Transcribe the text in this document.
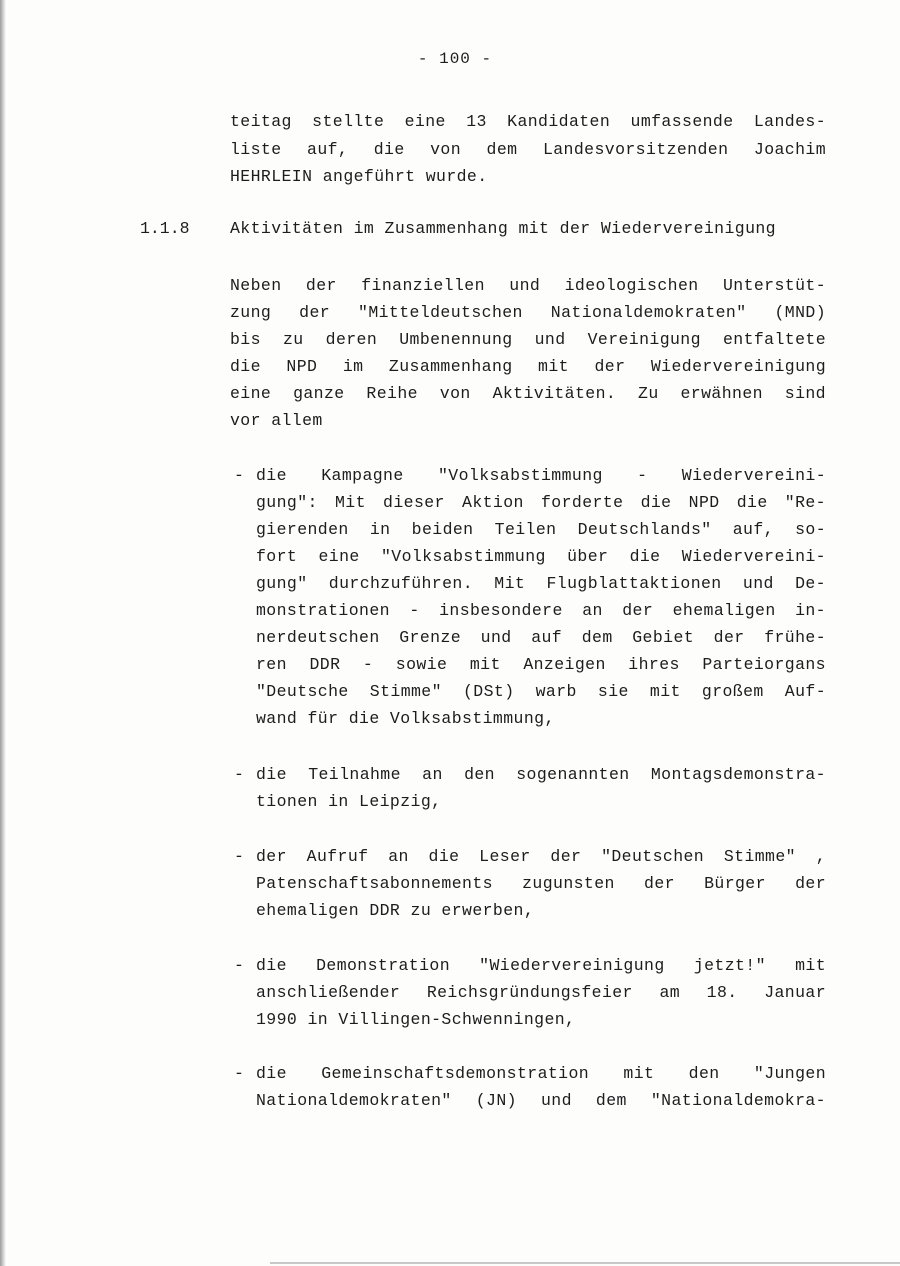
- 100 -
teitag stellte eine 13 Kandidaten umfassende Landes-
liste auf, die von dem Landesvorsitzenden Joachim
HEHRLEIN angeführt wurde.
1.1.8 Aktivitäten im Zusammenhang mit der Wiedervereinigung
Neben der finanziellen und ideologischen Unterstüt-
zung der "Mitteldeutschen Nationaldemokraten" (MND)
bis zu deren Umbenennung und Vereinigung entfaltete
die NPD im Zusammenhang mit der Wiedervereinigung
eine ganze Reihe von Aktivitäten. Zu erwähnen sind
vor allem
- die Kampagne "Volksabstimmung - Wiedervereini-
gung": Mit dieser Aktion forderte die NPD die "Re-
gierenden in beiden Teilen Deutschlands" auf, so-
fort eine "Volksabstimmung über die Wiedervereini-
gung" durchzuführen. Mit Flugblattaktionen und De-
monstrationen - insbesondere an der ehemaligen in-
nerdeutschen Grenze und auf dem Gebiet der frühe-
ren DDR - sowie mit Anzeigen ihres Parteiorgans
"Deutsche Stimme" (DSt) warb sie mit großem Auf-
wand für die Volksabstimmung,
- die Teilnahme an den sogenannten Montagsdemonstra-
tionen in Leipzig,
- der Aufruf an die Leser der "Deutschen Stimme" ,
Patenschaftsabonnements zugunsten der Bürger der
ehemaligen DDR zu erwerben,
- die Demonstration "Wiedervereinigung jetzt!" mit
anschließender Reichsgründungsfeier am 18. Januar
1990 in Villingen-Schwenningen,
- die Gemeinschaftsdemonstration mit den "Jungen
Nationaldemokraten" (JN) und dem "Nationaldemokra-
